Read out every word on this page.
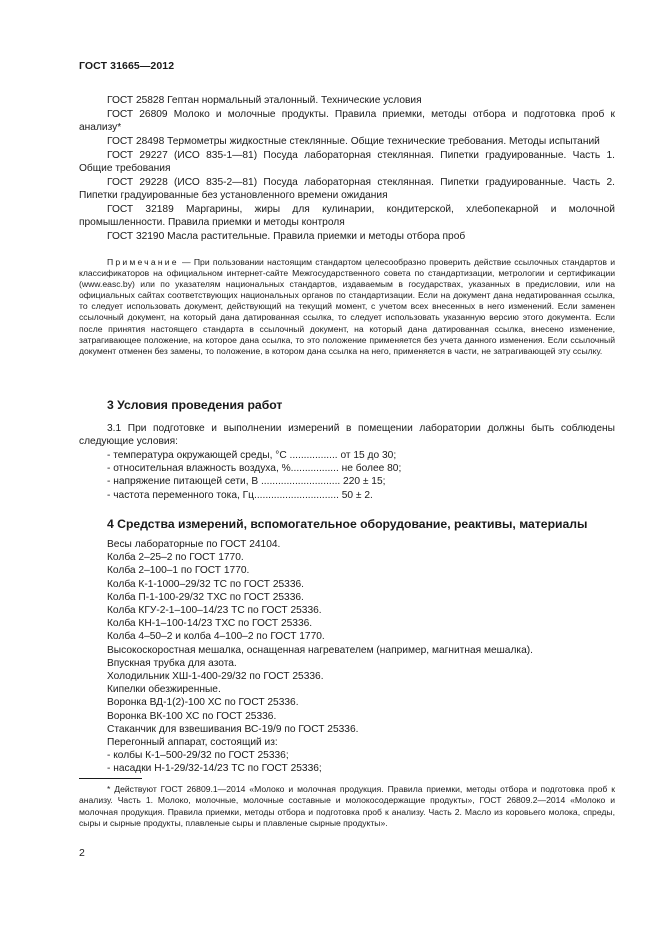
ГОСТ 31665—2012

ГОСТ 25828 Гептан нормальный эталонный. Технические условия

ГОСТ 26809 Молоко и молочные продукты. Правила приемки, методы отбора и подготовка проб к анализу*

ГОСТ 28498 Термометры жидкостные стеклянные. Общие технические требования. Методы испытаний

ГОСТ 29227 (ИСО 835-1—81) Посуда лабораторная стеклянная. Пипетки градуированные. Часть 1. Общие требования

ГОСТ 29228 (ИСО 835-2—81) Посуда лабораторная стеклянная. Пипетки градуированные. Часть 2. Пипетки градуированные без установленного времени ожидания

ГОСТ 32189 Маргарины, жиры для кулинарии, кондитерской, хлебопекарной и молочной промышленности. Правила приемки и методы контроля

ГОСТ 32190 Масла растительные. Правила приемки и методы отбора проб

Примечание — При пользовании настоящим стандартом целесообразно проверить действие ссылочных стандартов и классификаторов на официальном интернет-сайте Межгосударственного совета по стандартизации, метрологии и сертификации (www.easc.by) или по указателям национальных стандартов, издаваемым в государствах, указанных в предисловии, или на официальных сайтах соответствующих национальных органов по стандартизации. Если на документ дана недатированная ссылка, то следует использовать документ, действующий на текущий момент, с учетом всех внесенных в него изменений. Если заменен ссылочный документ, на который дана датированная ссылка, то следует использовать указанную версию этого документа. Если после принятия настоящего стандарта в ссылочный документ, на который дана датированная ссылка, внесено изменение, затрагивающее положение, на которое дана ссылка, то это положение применяется без учета данного изменения. Если ссылочный документ отменен без замены, то положение, в котором дана ссылка на него, применяется в части, не затрагивающей эту ссылку.

3 Условия проведения работ

3.1 При подготовке и выполнении измерений в помещении лаборатории должны быть соблюдены следующие условия:

- температура окружающей среды, °С ................. от 15 до 30;
- относительная влажность воздуха, %................. не более 80;
- напряжение питающей сети, В ............................ 220 ± 15;
- частота переменного тока, Гц.............................. 50 ± 2.

4 Средства измерений, вспомогательное оборудование, реактивы, материалы

Весы лабораторные по ГОСТ 24104.
Колба 2–25–2 по ГОСТ 1770.
Колба 2–100–1 по ГОСТ 1770.
Колба К-1-1000–29/32 ТС по ГОСТ 25336.
Колба П-1-100-29/32 ТХС по ГОСТ 25336.
Колба КГУ-2-1–100–14/23 ТС по ГОСТ 25336.
Колба КН-1–100-14/23 ТХС по ГОСТ 25336.
Колба 4–50–2 и колба 4–100–2 по ГОСТ 1770.
Высокоскоростная мешалка, оснащенная нагревателем (например, магнитная мешалка).
Впускная трубка для азота.
Холодильник ХШ-1-400-29/32 по ГОСТ 25336.
Кипелки обезжиренные.
Воронка ВД-1(2)-100 ХС по ГОСТ 25336.
Воронка ВК-100 ХС по ГОСТ 25336.
Стаканчик для взвешивания ВС-19/9 по ГОСТ 25336.
Перегонный аппарат, состоящий из:
- колбы К-1–500-29/32 по ГОСТ 25336;
- насадки Н-1-29/32-14/23 ТС по ГОСТ 25336;

* Действуют ГОСТ 26809.1—2014 «Молоко и молочная продукция. Правила приемки, методы отбора и подготовка проб к анализу. Часть 1. Молоко, молочные, молочные составные и молокосодержащие продукты», ГОСТ 26809.2—2014 «Молоко и молочная продукция. Правила приемки, методы отбора и подготовка проб к анализу. Часть 2. Масло из коровьего молока, спреды, сыры и сырные продукты, плавленые сыры и плавленые сырные продукты».

2
